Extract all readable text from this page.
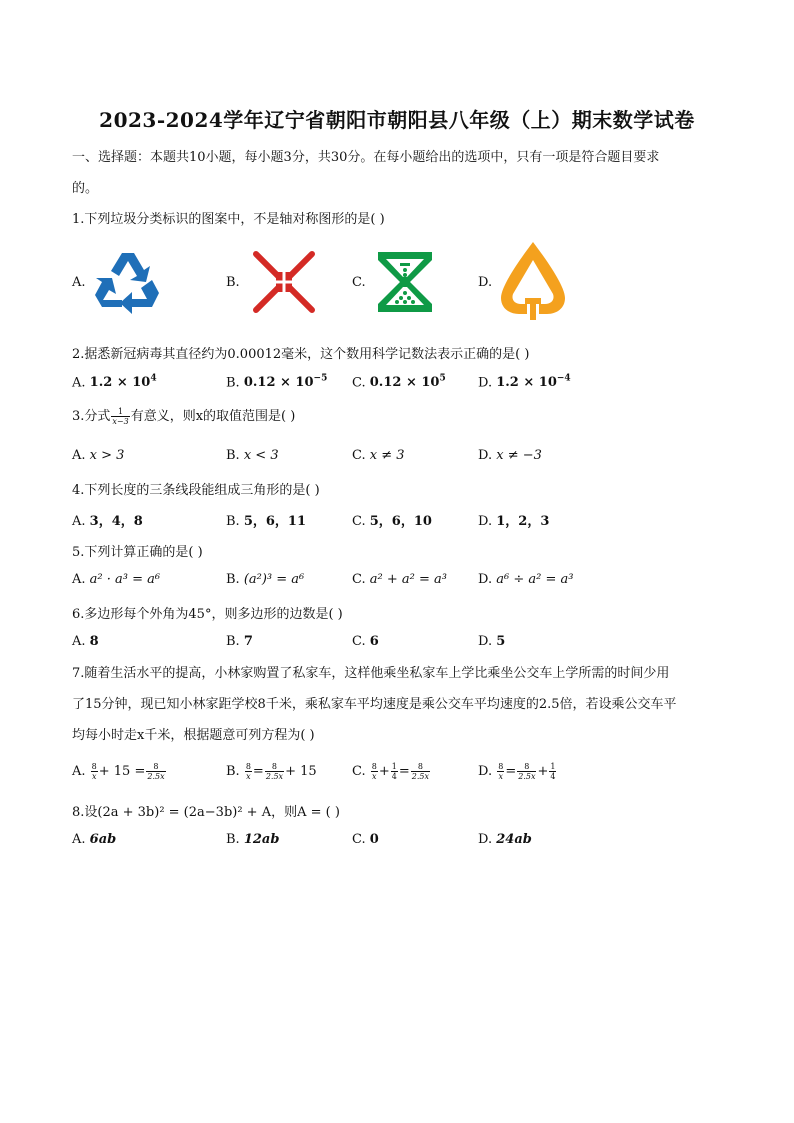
2023-2024学年辽宁省朝阳市朝阳县八年级（上）期末数学试卷
一、选择题：本题共10小题，每小题3分，共30分。在每小题给出的选项中，只有一项是符合题目要求
的。
1.下列垃圾分类标识的图案中，不是轴对称图形的是( )
A.	B.	C.	D.
2.据悉新冠病毒其直径约为0.00012毫米，这个数用科学记数法表示正确的是( )
A. $1.2 \times 10^4$	B. $0.12 \times 10^{-5}$ C. $0.12 \times 10^5$ D. $1.2 \times 10^{-4}$
3.分式 $\frac{1}{x-3}$ 有意义，则x的取值范围是( )
A. x > 3	B. x < 3	C. x ≠ 3	D. x ≠ −3
4.下列长度的三条线段能组成三角形的是( )
A. 3，4，8	B. 5，6，11	C. 5，6，10	D. 1，2，3
5.下列计算正确的是( )
A. a² · a³ = a⁶	B. (a²)³ = a⁶	C. a² + a² = a³ D. a⁶ ÷ a² = a³
6.多边形每个外角为45°，则多边形的边数是( )
A. 8	B. 7	C. 6	D. 5
7.随着生活水平的提高，小林家购置了私家车，这样他乘坐私家车上学比乘坐公交车上学所需的时间少用
了15分钟，现已知小林家距学校8千米，乘私家车平均速度是乘公交车平均速度的2.5倍，若设乘公交车平
均每小时走x千米，根据题意可列方程为( )
A. $\frac{8}{x} + 15 = \frac{8}{2.5x}$	B. $\frac{8}{x} = \frac{8}{2.5x} + 15$	C. $\frac{8}{x} + \frac{1}{4} = \frac{8}{2.5x}$	D. $\frac{8}{x} = \frac{8}{2.5x} + \frac{1}{4}$
8.设(2a + 3b)² = (2a−3b)² + A，则A = ( )
A. 6ab	B. 12ab	C. 0	D. 24ab
